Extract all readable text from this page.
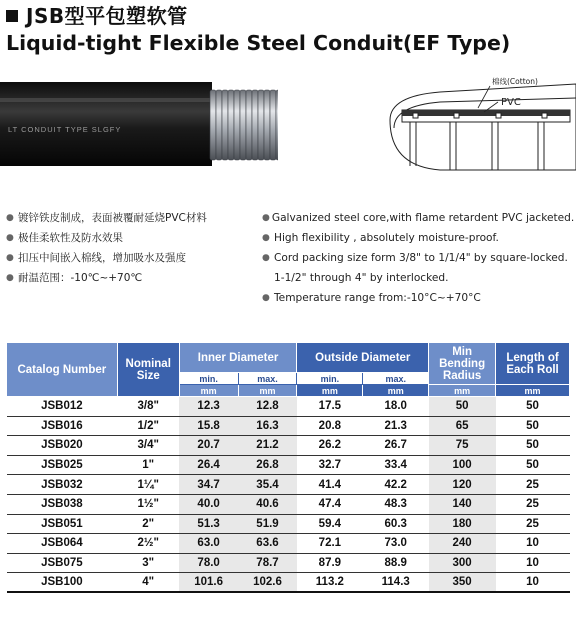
JSB型平包塑软管
Liquid-tight Flexible Steel Conduit(EF Type)
LT CONDUIT TYPE SLGFY
棉线(Cotton)
PVC
● 镀锌铁皮制成，表面被覆耐延烧PVC材料
● 极佳柔软性及防水效果
● 扣压中间嵌入棉线，增加吸水及强度
● 耐温范围：-10℃~+70℃
● Galvanized steel core,with flame retardent PVC jacketed.
● High flexibility , absolutely moisture-proof.
● Cord packing size form 3/8" to 1/1/4" by square-locked.
1-1/2" through 4" by interlocked.
● Temperature range from:-10°C~+70°C
Catalog Number	Nominal Size	Inner Diameter		Outside Diameter		Min Bending Radius	Length of Each Roll
		min.	max.	min.	max.		
		mm	mm	mm	mm	mm	mm
JSB012	3/8ʺ	12.3	12.8	17.5	18.0	50	50
JSB016	1/2ʺ	15.8	16.3	20.8	21.3	65	50
JSB020	3/4ʺ	20.7	21.2	26.2	26.7	75	50
JSB025	1ʺ	26.4	26.8	32.7	33.4	100	50
JSB032	1¼ʺ	34.7	35.4	41.4	42.2	120	25
JSB038	1½ʺ	40.0	40.6	47.4	48.3	140	25
JSB051	2ʺ	51.3	51.9	59.4	60.3	180	25
JSB064	2½ʺ	63.0	63.6	72.1	73.0	240	10
JSB075	3ʺ	78.0	78.7	87.9	88.9	300	10
JSB100	4ʺ	101.6	102.6	113.2	114.3	350	10
